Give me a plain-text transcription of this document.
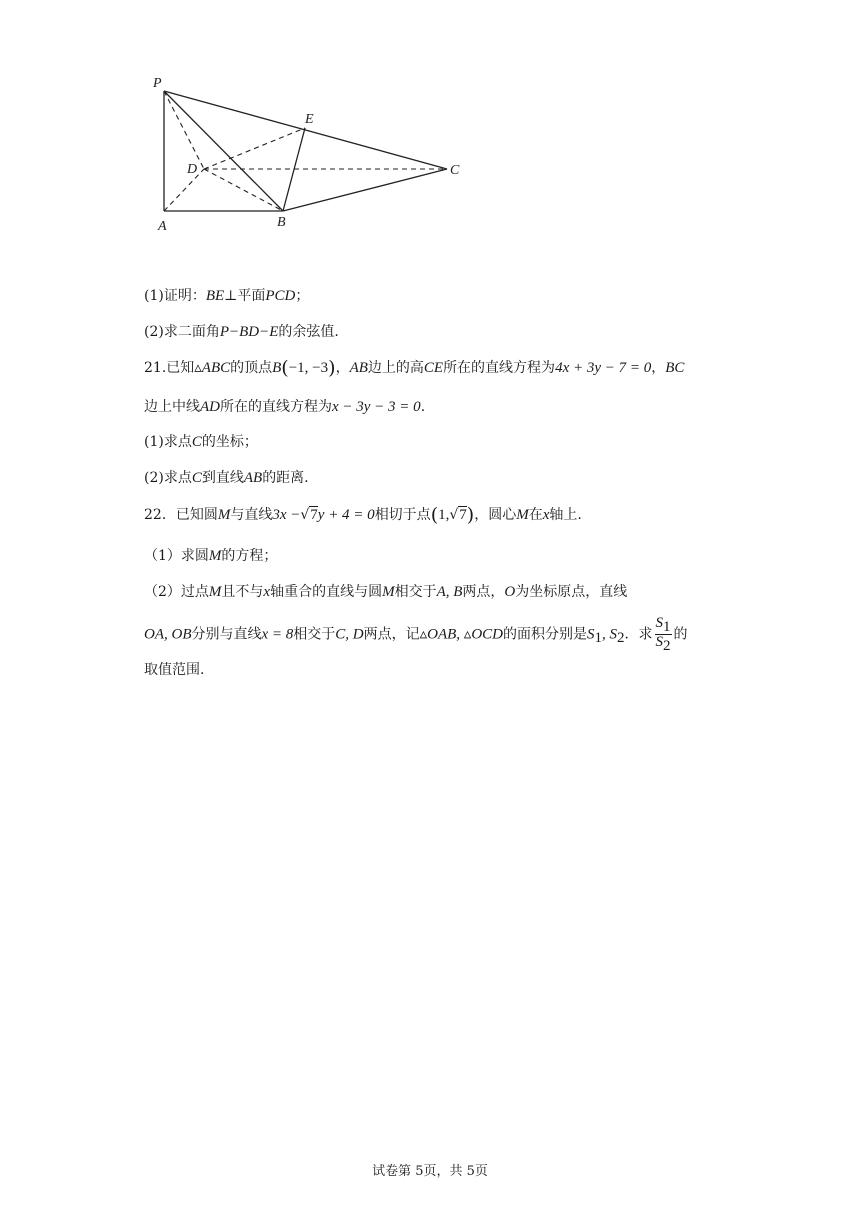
P
E
D	C
A	B
(1)证明：BE⊥平面PCD；
(2)求二面角P−BD−E的余弦值.
21.已知▵ABC的顶点B(−1, −3)，AB边上的高CE所在的直线方程为4x + 3y − 7 = 0，BC
边上中线AD所在的直线方程为x − 3y − 3 = 0.
(1)求点C的坐标；
(2)求点C到直线AB的距离.
22．已知圆M与直线3x −√7y + 4 = 0相切于点(1,√7)，圆心M在x轴上.
（1）求圆M的方程；
（2）过点M且不与x轴重合的直线与圆M相交于A, B两点，O为坐标原点，直线
OA, OB分别与直线x = 8相交于C, D两点，记▵OAB, ▵OCD的面积分别是$S_1$, $S_2$．求 $\frac{S_1}{S_2}$ 的
取值范围.
试卷第 5页，共 5页
